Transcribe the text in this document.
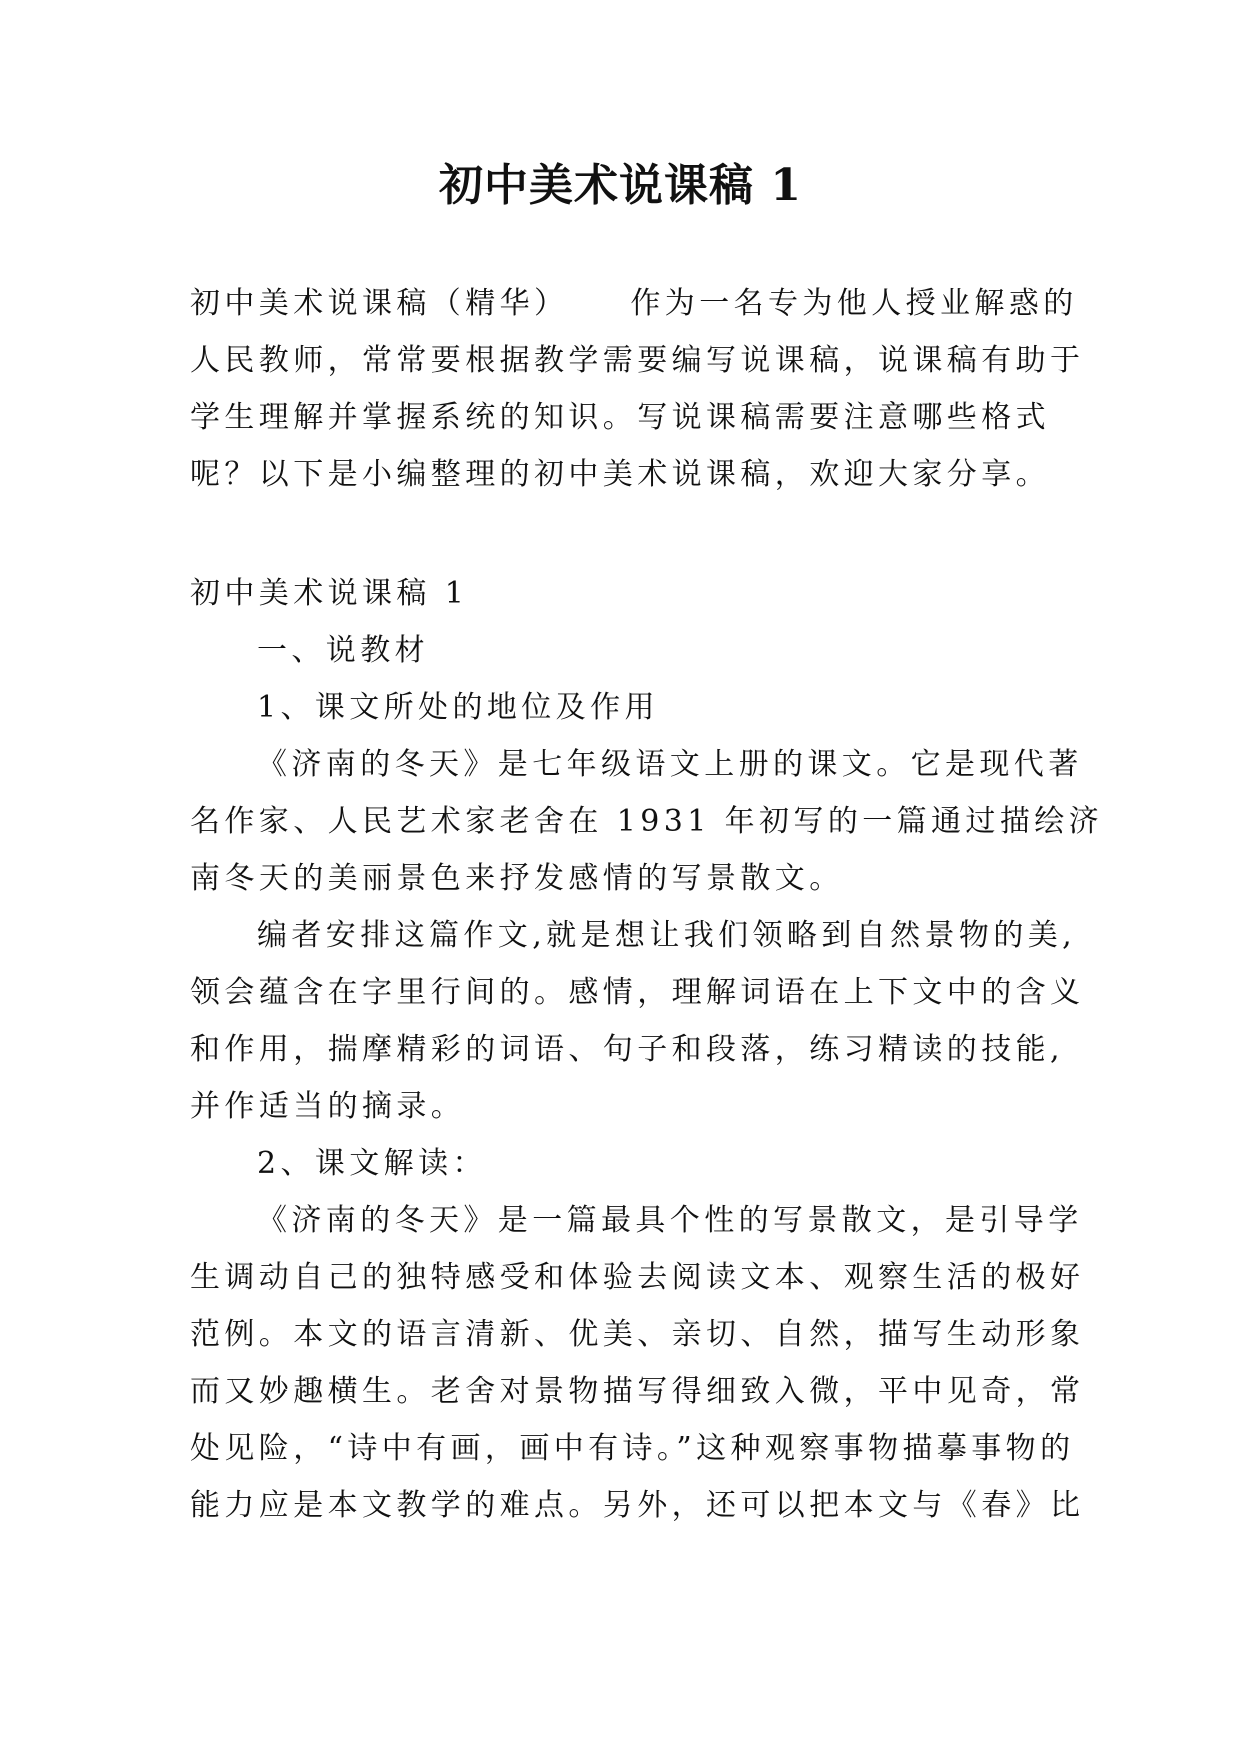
初中美术说课稿 1
初中美术说课稿（精华） 作为一名专为他人授业解惑的
人民教师，常常要根据教学需要编写说课稿，说课稿有助于
学生理解并掌握系统的知识。写说课稿需要注意哪些格式
呢？以下是小编整理的初中美术说课稿，欢迎大家分享。
初中美术说课稿 1
一、说教材
1、课文所处的地位及作用
《济南的冬天》是七年级语文上册的课文。它是现代著
名作家、人民艺术家老舍在 1931 年初写的一篇通过描绘济
南冬天的美丽景色来抒发感情的写景散文。
编者安排这篇作文,就是想让我们领略到自然景物的美,
领会蕴含在字里行间的。感情，理解词语在上下文中的含义
和作用，揣摩精彩的词语、句子和段落，练习精读的技能,
并作适当的摘录。
2、课文解读：
《济南的冬天》是一篇最具个性的写景散文，是引导学
生调动自己的独特感受和体验去阅读文本、观察生活的极好
范例。本文的语言清新、优美、亲切、自然，描写生动形象
而又妙趣横生。老舍对景物描写得细致入微，平中见奇，常
处见险，“诗中有画，画中有诗。”这种观察事物描摹事物的
能力应是本文教学的难点。另外，还可以把本文与《春》比
